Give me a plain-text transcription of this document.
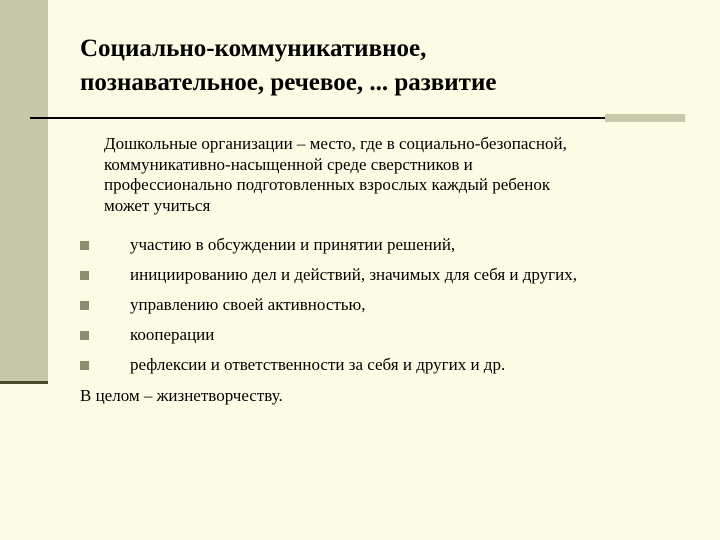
Социально-коммуникативное,
познавательное, речевое, ... развитие

Дошкольные организации – место, где в социально-безопасной,
коммуникативно-насыщенной среде сверстников и
профессионально подготовленных взрослых каждый ребенок
может учиться

участию в обсуждении и принятии решений,
инициированию дел и действий, значимых для себя и других,
управлению своей активностью,
кооперации
рефлексии и ответственности за себя и других и др.

В целом – жизнетворчеству.
